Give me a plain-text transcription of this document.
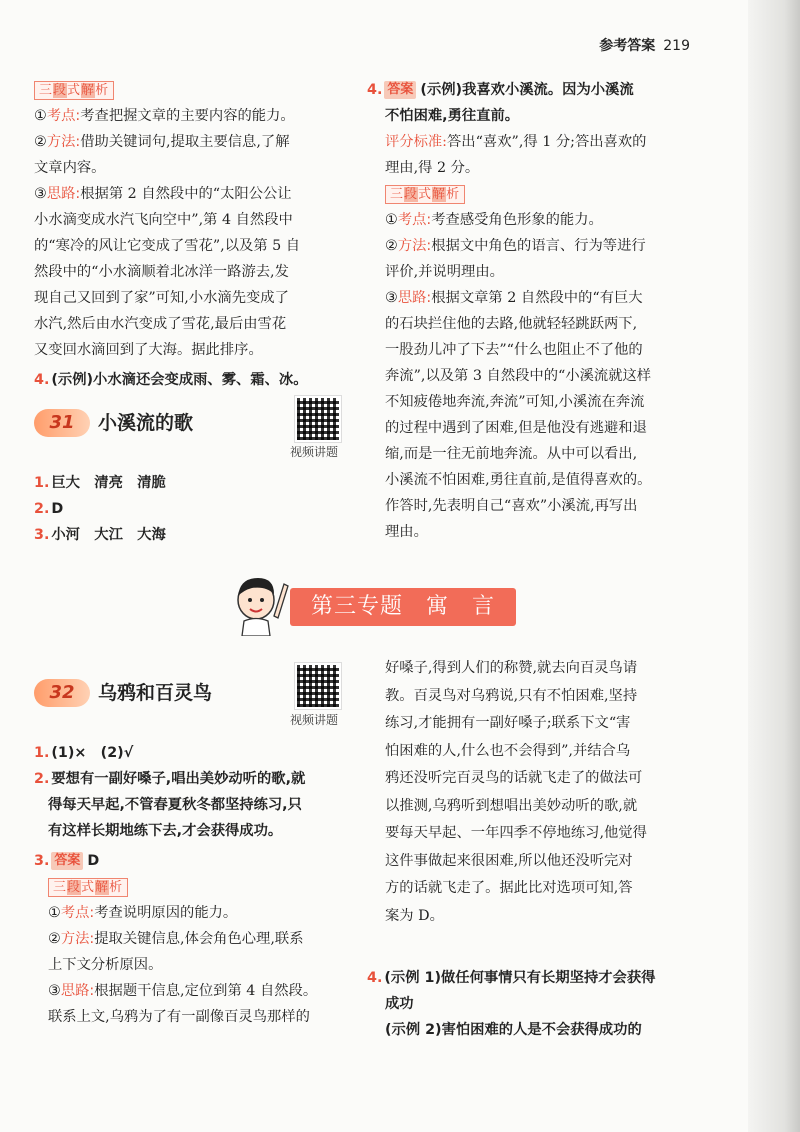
参考答案 219
三段式解析
①考点:考查把握文章的主要内容的能力。
②方法:借助关键词句,提取主要信息,了解
文章内容。
③思路:根据第 2 自然段中的“太阳公公让
小水滴变成水汽飞向空中”,第 4 自然段中
的“寒冷的风让它变成了雪花”,以及第 5 自
然段中的“小水滴顺着北冰洋一路游去,发
现自己又回到了家”可知,小水滴先变成了
水汽,然后由水汽变成了雪花,最后由雪花
又变回水滴回到了大海。据此排序。
4. (示例)小水滴还会变成雨、雾、霜、冰。
31	小溪流的歌
视频讲题
1. 巨大　清亮　清脆
2. D
3. 小河　大江　大海
4. 答案 (示例)我喜欢小溪流。因为小溪流
不怕困难,勇往直前。
评分标准:答出“喜欢”,得 1 分;答出喜欢的
理由,得 2 分。
三段式解析
①考点:考查感受角色形象的能力。
②方法:根据文中角色的语言、行为等进行
评价,并说明理由。
③思路:根据文章第 2 自然段中的“有巨大
的石块拦住他的去路,他就轻轻跳跃两下,
一股劲儿冲了下去”“什么也阻止不了他的
奔流”,以及第 3 自然段中的“小溪流就这样
不知疲倦地奔流,奔流”可知,小溪流在奔流
的过程中遇到了困难,但是他没有逃避和退
缩,而是一往无前地奔流。从中可以看出,
小溪流不怕困难,勇往直前,是值得喜欢的。
作答时,先表明自己“喜欢”小溪流,再写出
理由。
第三专题　寓　言
32	乌鸦和百灵鸟
视频讲题
1. (1)×　(2)√
2. 要想有一副好嗓子,唱出美妙动听的歌,就
得每天早起,不管春夏秋冬都坚持练习,只
有这样长期地练下去,才会获得成功。
3. 答案 D
三段式解析
①考点:考查说明原因的能力。
②方法:提取关键信息,体会角色心理,联系
上下文分析原因。
③思路:根据题干信息,定位到第 4 自然段。
联系上文,乌鸦为了有一副像百灵鸟那样的
好嗓子,得到人们的称赞,就去向百灵鸟请
教。百灵鸟对乌鸦说,只有不怕困难,坚持
练习,才能拥有一副好嗓子;联系下文“害
怕困难的人,什么也不会得到”,并结合乌
鸦还没听完百灵鸟的话就飞走了的做法可
以推测,乌鸦听到想唱出美妙动听的歌,就
要每天早起、一年四季不停地练习,他觉得
这件事做起来很困难,所以他还没听完对
方的话就飞走了。据此比对选项可知,答
案为 D。
4. (示例 1)做任何事情只有长期坚持才会获得
成功
(示例 2)害怕困难的人是不会获得成功的
